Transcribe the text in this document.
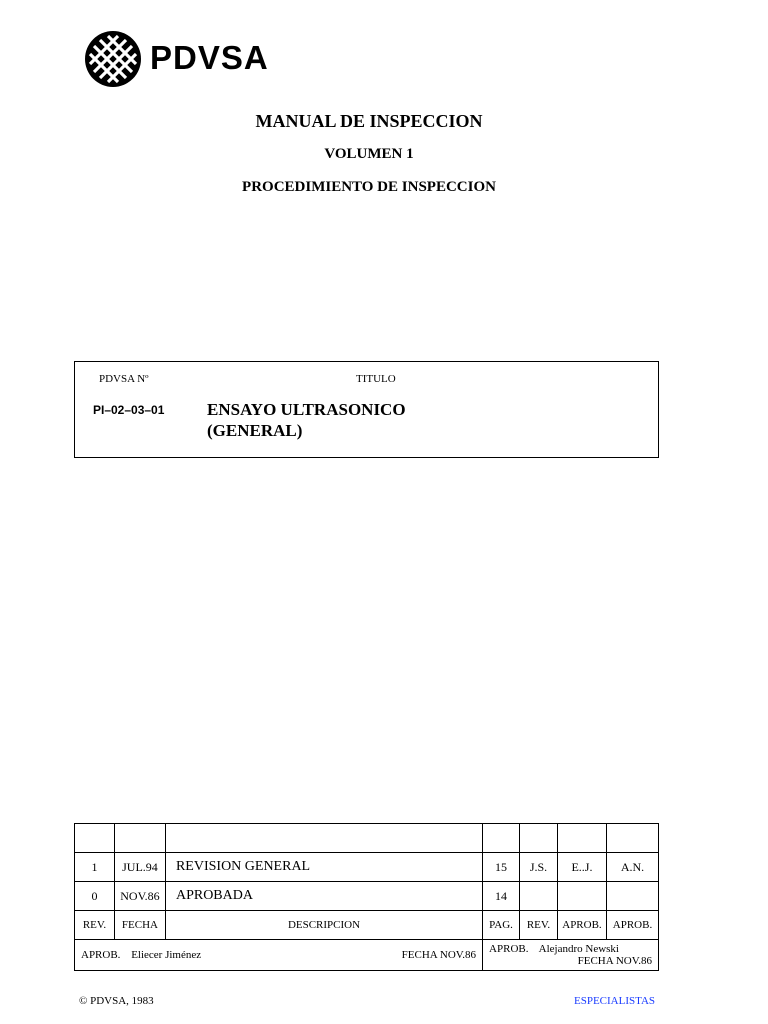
PDVSA
MANUAL DE INSPECCION
VOLUMEN 1
PROCEDIMIENTO DE INSPECCION
PDVSA Nº	TITULO
PI–02–03–01	ENSAYO ULTRASONICO
(GENERAL)

1	JUL.94	REVISION GENERAL	15	J.S.	E..J.	A.N.
0	NOV.86	APROBADA	14			
REV.	FECHA	DESCRIPCION	PAG.	REV.	APROB.	APROB.
APROB. Eliecer Jiménez FECHA NOV.86			APROB. Alejandro Newski
FECHA NOV.86			
© PDVSA, 1983	ESPECIALISTAS
